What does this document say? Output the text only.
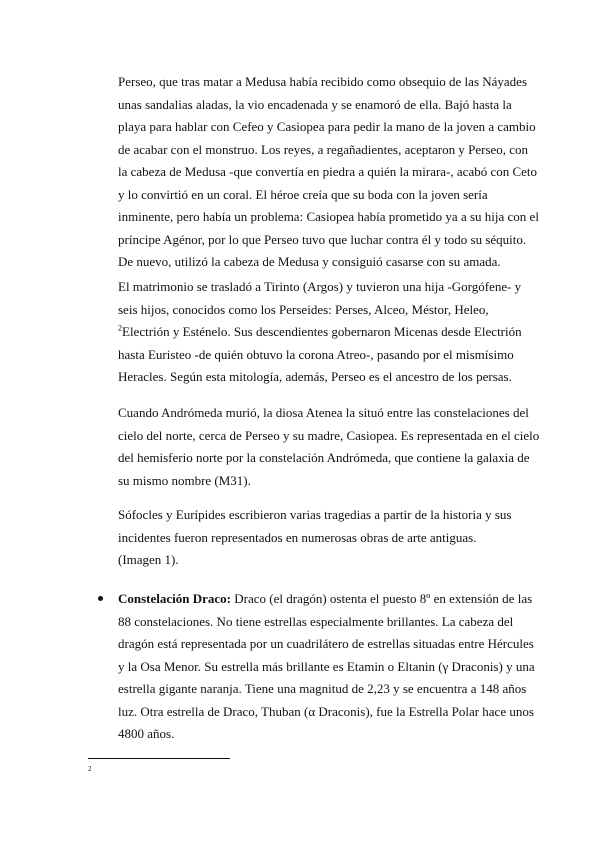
Perseo, que tras matar a Medusa había recibido como obsequio de las Náyades
unas sandalias aladas, la vio encadenada y se enamoró de ella. Bajó hasta la
playa para hablar con Cefeo y Casiopea para pedir la mano de la joven a cambio
de acabar con el monstruo. Los reyes, a regañadientes, aceptaron y Perseo, con
la cabeza de Medusa -que convertía en piedra a quién la mirara-, acabó con Ceto
y lo convirtió en un coral. El héroe creía que su boda con la joven sería
inminente, pero había un problema: Casiopea había prometido ya a su hija con el
príncipe Agénor, por lo que Perseo tuvo que luchar contra él y todo su séquito.
De nuevo, utilizó la cabeza de Medusa y consiguió casarse con su amada.
El matrimonio se trasladó a Tirinto (Argos) y tuvieron una hija -Gorgófene- y
seis hijos, conocidos como los Perseides: Perses, Alceo, Méstor, Heleo,
$^2$Electrión y Esténelo. Sus descendientes gobernaron Micenas desde Electrión
hasta Euristeo -de quién obtuvo la corona Atreo-, pasando por el mismísimo
Heracles. Según esta mitología, además, Perseo es el ancestro de los persas.
Cuando Andrómeda murió, la diosa Atenea la situó entre las constelaciones del
cielo del norte, cerca de Perseo y su madre, Casiopea. Es representada en el cielo
del hemisferio norte por la constelación Andrómeda, que contiene la galaxia de
su mismo nombre (M31).
Sófocles y Eurípides escribieron varias tragedias a partir de la historia y sus
incidentes fueron representados en numerosas obras de arte antiguas.
(Imagen 1).
Constelación Draco: Draco (el dragón) ostenta el puesto 8º en extensión de las
88 constelaciones. No tiene estrellas especialmente brillantes. La cabeza del
dragón está representada por un cuadrilátero de estrellas situadas entre Hércules
y la Osa Menor. Su estrella más brillante es Etamin o Eltanin (γ Draconis) y una
estrella gigante naranja. Tiene una magnitud de 2,23 y se encuentra a 148 años
luz. Otra estrella de Draco, Thuban (α Draconis), fue la Estrella Polar hace unos
4800 años.
2
